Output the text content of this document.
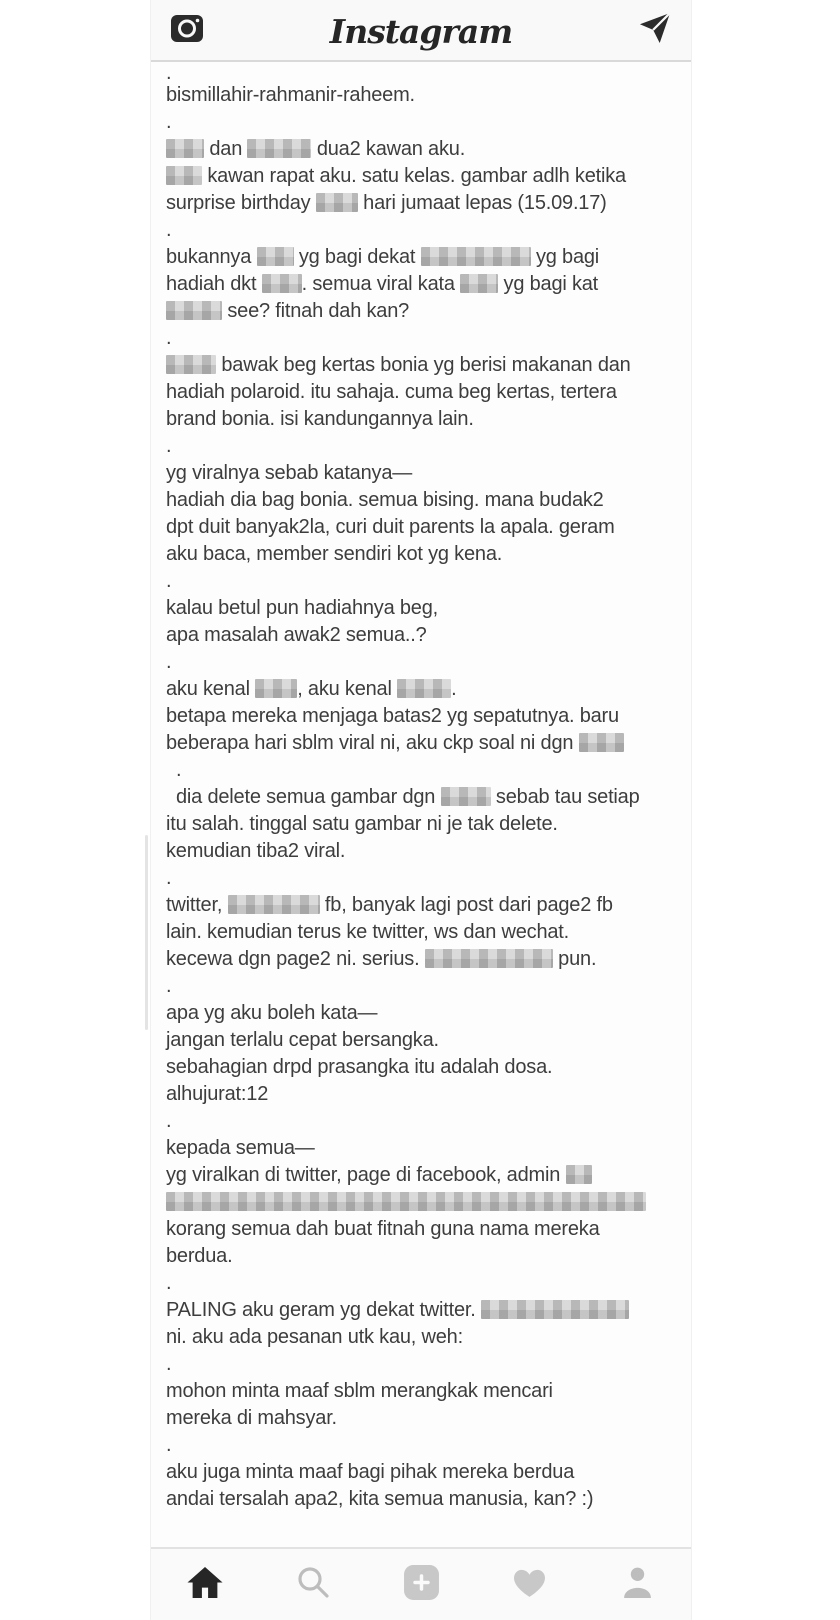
Instagram
.
bismillahir-rahmanir-raheem.
.
dan	dua2 kawan aku.
kawan rapat aku. satu kelas. gambar adlh ketika
surprise birthday  hari jumaat lepas (15.09.17)
.
bukannya  yg bagi dekat	yg bagi
hadiah dkt . semua viral kata  yg bagi kat
see? fitnah dah kan?
.
bawak beg kertas bonia yg berisi makanan dan
hadiah polaroid. itu sahaja. cuma beg kertas, tertera
brand bonia. isi kandungannya lain.
.
yg viralnya sebab katanya—
hadiah dia bag bonia. semua bising. mana budak2
dpt duit banyak2la, curi duit parents la apala. geram
aku baca, member sendiri kot yg kena.
.
kalau betul pun hadiahnya beg,
apa masalah awak2 semua..?
.
aku kenal , aku kenal	.
betapa mereka menjaga batas2 yg sepatutnya. baru
beberapa hari sblm viral ni, aku ckp soal ni dgn
.
dia delete semua gambar dgn	sebab tau setiap
itu salah. tinggal satu gambar ni je tak delete.
kemudian tiba2 viral.
.
twitter,	fb, banyak lagi post dari page2 fb
lain. kemudian terus ke twitter, ws dan wechat.
kecewa dgn page2 ni. serius.	pun.
.
apa yg aku boleh kata—
jangan terlalu cepat bersangka.
sebahagian drpd prasangka itu adalah dosa.
alhujurat:12
.
kepada semua—
yg viralkan di twitter, page di facebook, admin
korang semua dah buat fitnah guna nama mereka
berdua.
.
PALING aku geram yg dekat twitter.
ni. aku ada pesanan utk kau, weh:
.
mohon minta maaf sblm merangkak mencari
mereka di mahsyar.
.
aku juga minta maaf bagi pihak mereka berdua
andai tersalah apa2, kita semua manusia, kan? :)
